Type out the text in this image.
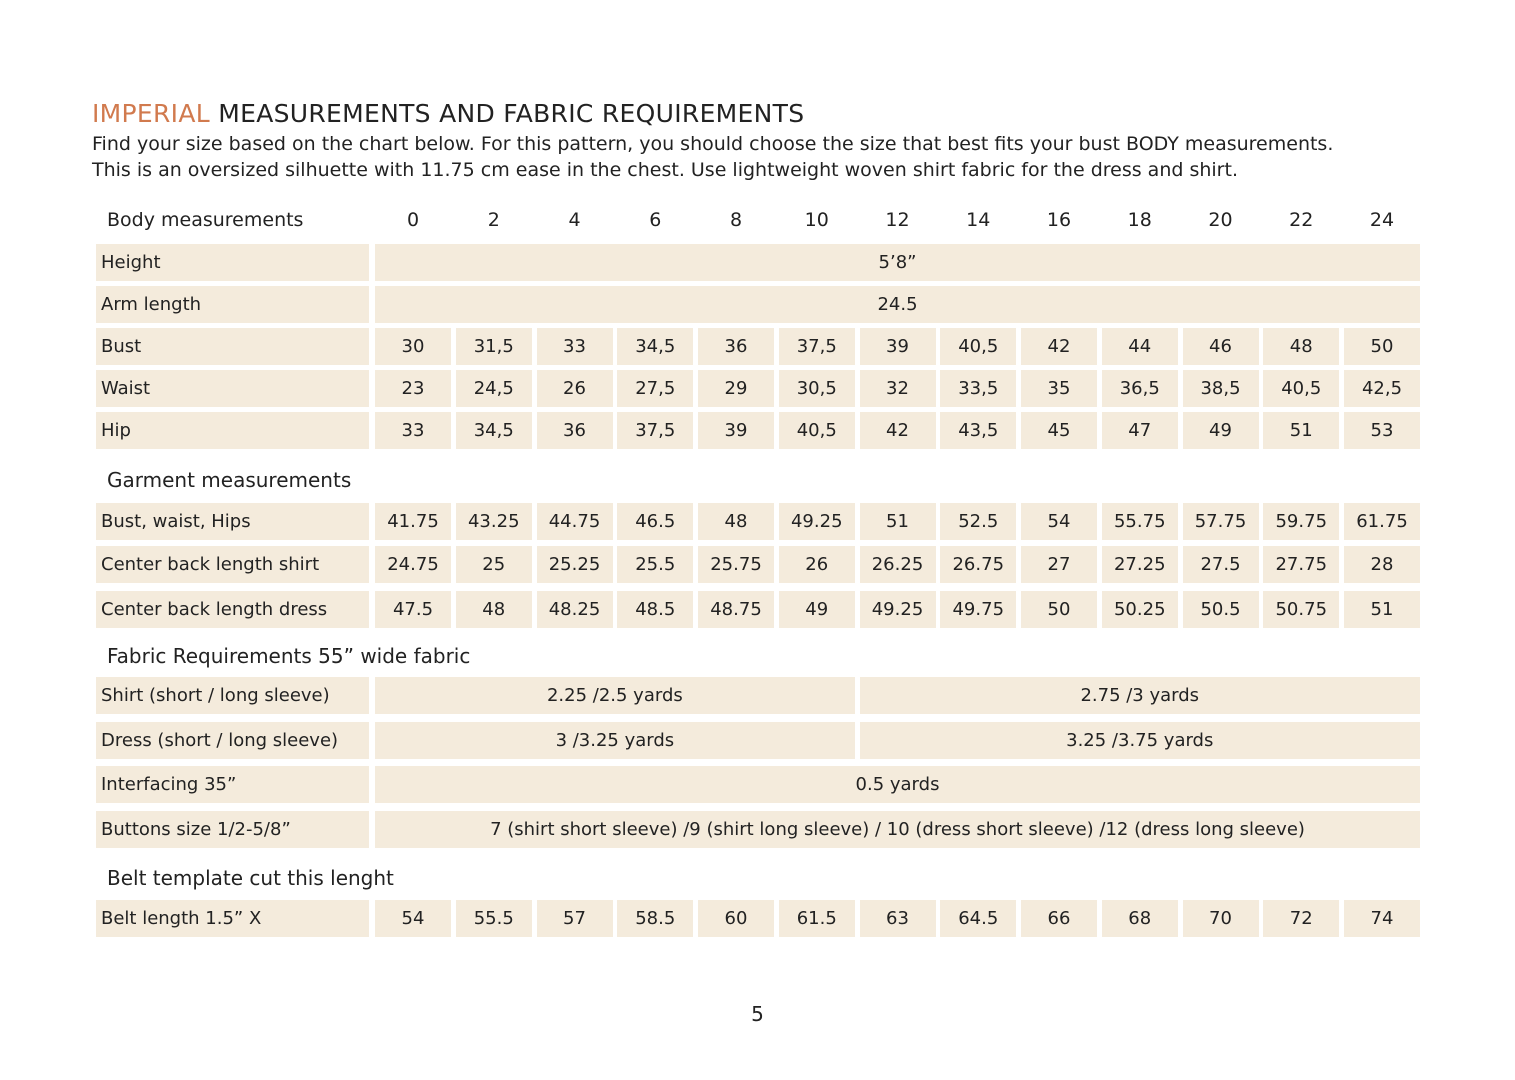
IMPERIAL MEASUREMENTS AND FABRIC REQUIREMENTS

Find your size based on the chart below. For this pattern, you should choose the size that best fits your bust BODY measurements.

This is an oversized silhuette with 11.75 cm ease in the chest. Use lightweight woven shirt fabric for the dress and shirt.

Body measurements	0	2	4	6	8	10	12	14	16	18	20	22	24
Garment measurements
Fabric Requirements 55” wide fabric
Belt template cut this lenght
Height	5’8”
Arm length	24.5
Bust	30	31,5	33	34,5	36	37,5	39	40,5	42	44	46	48	50
Waist	23	24,5	26	27,5	29	30,5	32	33,5	35	36,5	38,5	40,5	42,5
Hip	33	34,5	36	37,5	39	40,5	42	43,5	45	47	49	51	53
Bust, waist, Hips	41.75	43.25	44.75	46.5	48	49.25	51	52.5	54	55.75	57.75	59.75	61.75
Center back length shirt	24.75	25	25.25	25.5	25.75	26	26.25	26.75	27	27.25	27.5	27.75	28
Center back length dress	47.5	48	48.25	48.5	48.75	49	49.25	49.75	50	50.25	50.5	50.75	51
Shirt (short / long sleeve)	2.25 /2.5 yards	2.75 /3 yards
Dress (short / long sleeve)	3 /3.25 yards	3.25 /3.75 yards
Interfacing 35”	0.5 yards
Buttons size 1/2-5/8”	7 (shirt short sleeve) /9 (shirt long sleeve) / 10 (dress short sleeve) /12 (dress long sleeve)
Belt length 1.5” X	54	55.5	57	58.5	60	61.5	63	64.5	66	68	70	72	74
5
